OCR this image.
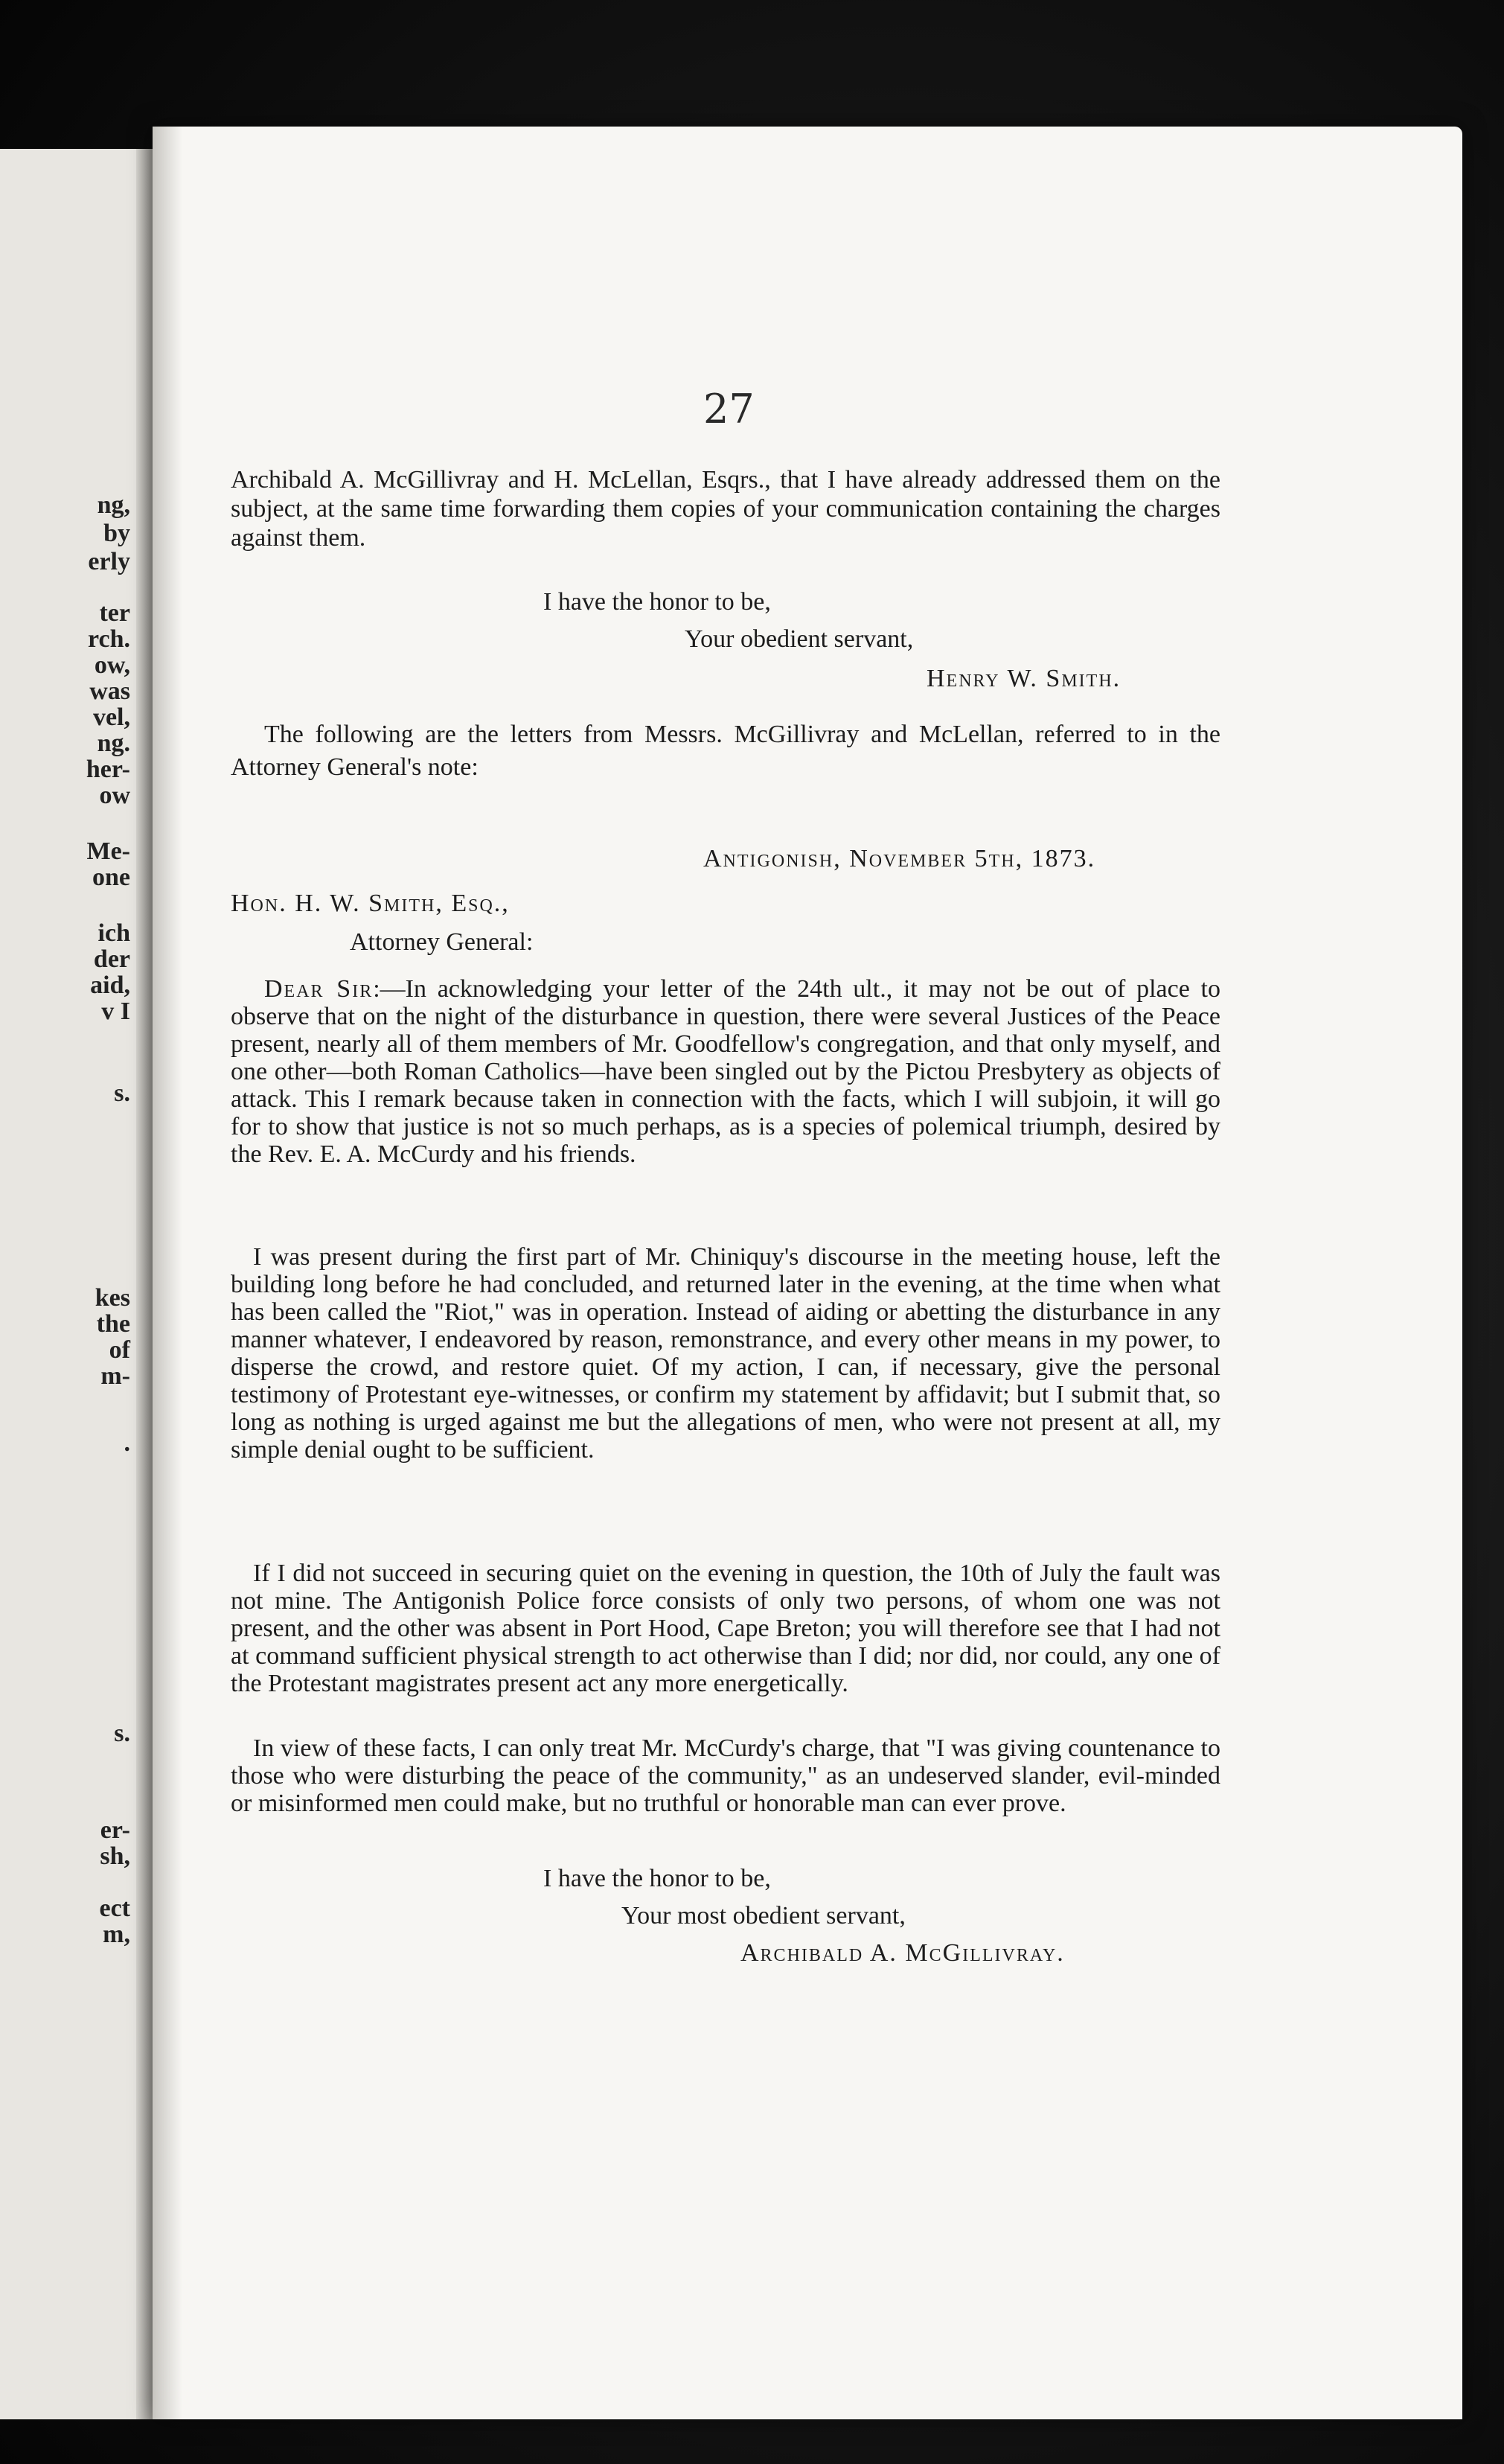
ng,
by
erly
ter
rch.
ow,
was
vel,
ng.
her-
ow
Me-
one
ich
der
aid,
v I
s.
kes
the
of
m-
.
s.
er-
sh,
ect
m,
27
Archibald A. McGillivray and H. McLellan, Esqrs., that I have already addressed them on the subject, at the same time forwarding them copies of your communication containing the charges against them.
I have the honor to be,
Your obedient servant,
Henry W. Smith.
The following are the letters from Messrs. McGillivray and McLellan, referred to in the Attorney General's note:
Antigonish, November 5th, 1873.
Hon. H. W. Smith, Esq.,
Attorney General:
Dear Sir:—In acknowledging your letter of the 24th ult., it may not be out of place to observe that on the night of the disturbance in question, there were several Justices of the Peace present, nearly all of them members of Mr. Goodfellow's congregation, and that only myself, and one other—both Roman Catholics—have been singled out by the Pictou Presbytery as objects of attack. This I remark because taken in connection with the facts, which I will subjoin, it will go for to show that justice is not so much perhaps, as is a species of polemical triumph, desired by the Rev. E. A. McCurdy and his friends.
I was present during the first part of Mr. Chiniquy's discourse in the meeting house, left the building long before he had concluded, and returned later in the evening, at the time when what has been called the "Riot," was in operation. Instead of aiding or abetting the disturbance in any manner whatever, I endeavored by reason, remonstrance, and every other means in my power, to disperse the crowd, and restore quiet. Of my action, I can, if necessary, give the personal testimony of Protestant eye-witnesses, or confirm my statement by affidavit; but I submit that, so long as nothing is urged against me but the allegations of men, who were not present at all, my simple denial ought to be sufficient.
If I did not succeed in securing quiet on the evening in question, the 10th of July the fault was not mine. The Antigonish Police force consists of only two persons, of whom one was not present, and the other was absent in Port Hood, Cape Breton; you will therefore see that I had not at command sufficient physical strength to act otherwise than I did; nor did, nor could, any one of the Protestant magistrates present act any more energetically.
In view of these facts, I can only treat Mr. McCurdy's charge, that "I was giving countenance to those who were disturbing the peace of the community," as an undeserved slander, evil-minded or misinformed men could make, but no truthful or honorable man can ever prove.
I have the honor to be,
Your most obedient servant,
Archibald A. McGillivray.
